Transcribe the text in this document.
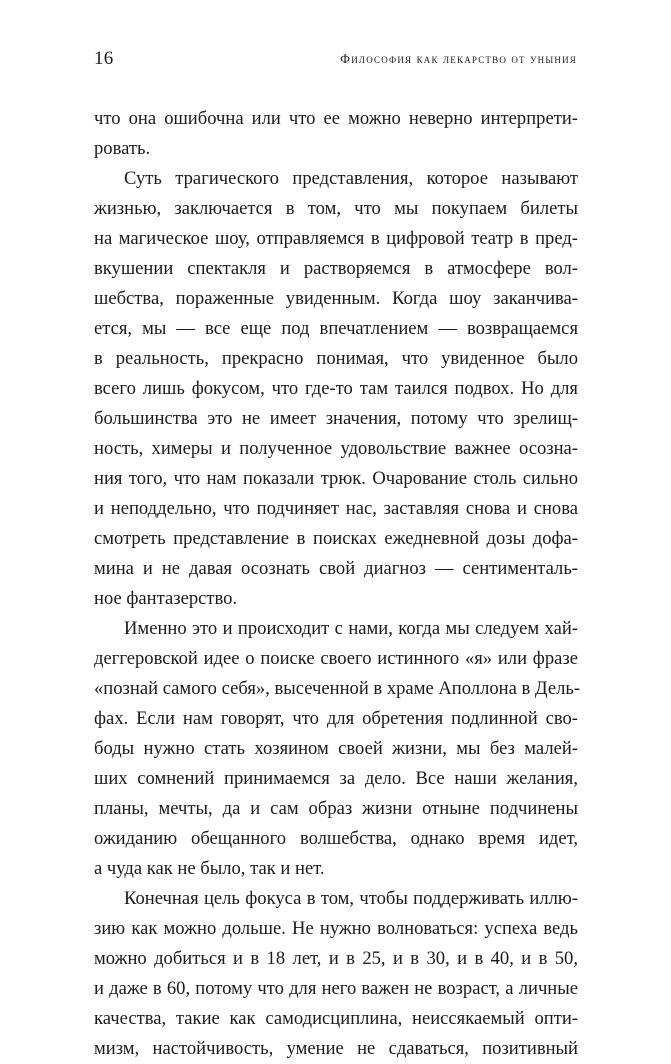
16	Философия как лекарство от уныния
что она ошибочна или что ее можно неверно интерпрети-
ровать.
Суть трагического представления, которое называют
жизнью, заключается в том, что мы покупаем билеты
на магическое шоу, отправляемся в цифровой театр в пред-
вкушении спектакля и растворяемся в атмосфере вол-
шебства, пораженные увиденным. Когда шоу заканчива-
ется, мы — все еще под впечатлением — возвращаемся
в реальность, прекрасно понимая, что увиденное было
всего лишь фокусом, что где-то там таился подвох. Но для
большинства это не имеет значения, потому что зрелищ-
ность, химеры и полученное удовольствие важнее осозна-
ния того, что нам показали трюк. Очарование столь сильно
и неподдельно, что подчиняет нас, заставляя снова и снова
смотреть представление в поисках ежедневной дозы дофа-
мина и не давая осознать свой диагноз — сентименталь-
ное фантазерство.
Именно это и происходит с нами, когда мы следуем хай-
деггеровской идее о поиске своего истинного «я» или фразе
«познай самого себя», высеченной в храме Аполлона в Дель-
фах. Если нам говорят, что для обретения подлинной сво-
боды нужно стать хозяином своей жизни, мы без малей-
ших сомнений принимаемся за дело. Все наши желания,
планы, мечты, да и сам образ жизни отныне подчинены
ожиданию обещанного волшебства, однако время идет,
а чуда как не было, так и нет.
Конечная цель фокуса в том, чтобы поддерживать иллю-
зию как можно дольше. Не нужно волноваться: успеха ведь
можно добиться и в 18 лет, и в 25, и в 30, и в 40, и в 50,
и даже в 60, потому что для него важен не возраст, а личные
качества, такие как самодисциплина, неиссякаемый опти-
мизм, настойчивость, умение не сдаваться, позитивный
